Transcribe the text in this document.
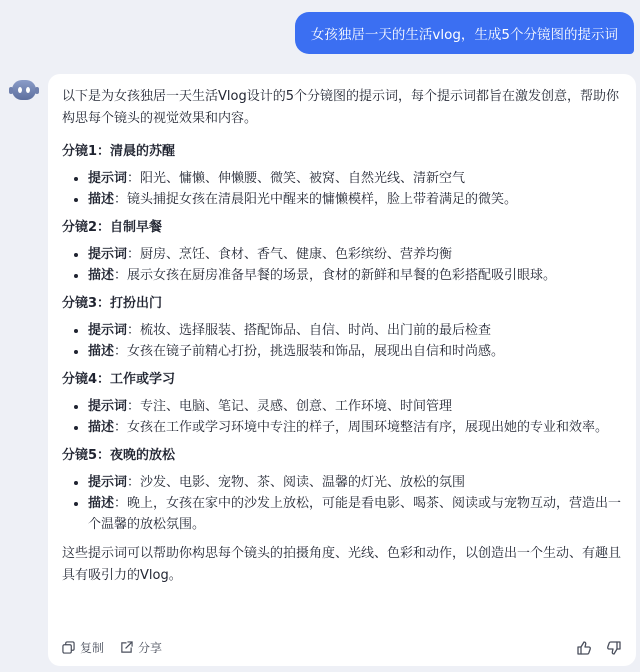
女孩独居一天的生活vlog，生成5个分镜图的提示词

以下是为女孩独居一天生活Vlog设计的5个分镜图的提示词，每个提示词都旨在激发创意，帮助你构思每个镜头的视觉效果和内容。

分镜1：清晨的苏醒
• 提示词：阳光、慵懒、伸懒腰、微笑、被窝、自然光线、清新空气
• 描述：镜头捕捉女孩在清晨阳光中醒来的慵懒模样，脸上带着满足的微笑。
分镜2：自制早餐
• 提示词：厨房、烹饪、食材、香气、健康、色彩缤纷、营养均衡
• 描述：展示女孩在厨房准备早餐的场景，食材的新鲜和早餐的色彩搭配吸引眼球。
分镜3：打扮出门
• 提示词：梳妆、选择服装、搭配饰品、自信、时尚、出门前的最后检查
• 描述：女孩在镜子前精心打扮，挑选服装和饰品，展现出自信和时尚感。
分镜4：工作或学习
• 提示词：专注、电脑、笔记、灵感、创意、工作环境、时间管理
• 描述：女孩在工作或学习环境中专注的样子，周围环境整洁有序，展现出她的专业和效率。
分镜5：夜晚的放松
• 提示词：沙发、电影、宠物、茶、阅读、温馨的灯光、放松的氛围
• 描述：晚上，女孩在家中的沙发上放松，可能是看电影、喝茶、阅读或与宠物互动，营造出一个温馨的放松氛围。

这些提示词可以帮助你构思每个镜头的拍摄角度、光线、色彩和动作，以创造出一个生动、有趣且具有吸引力的Vlog。

复制	分享
